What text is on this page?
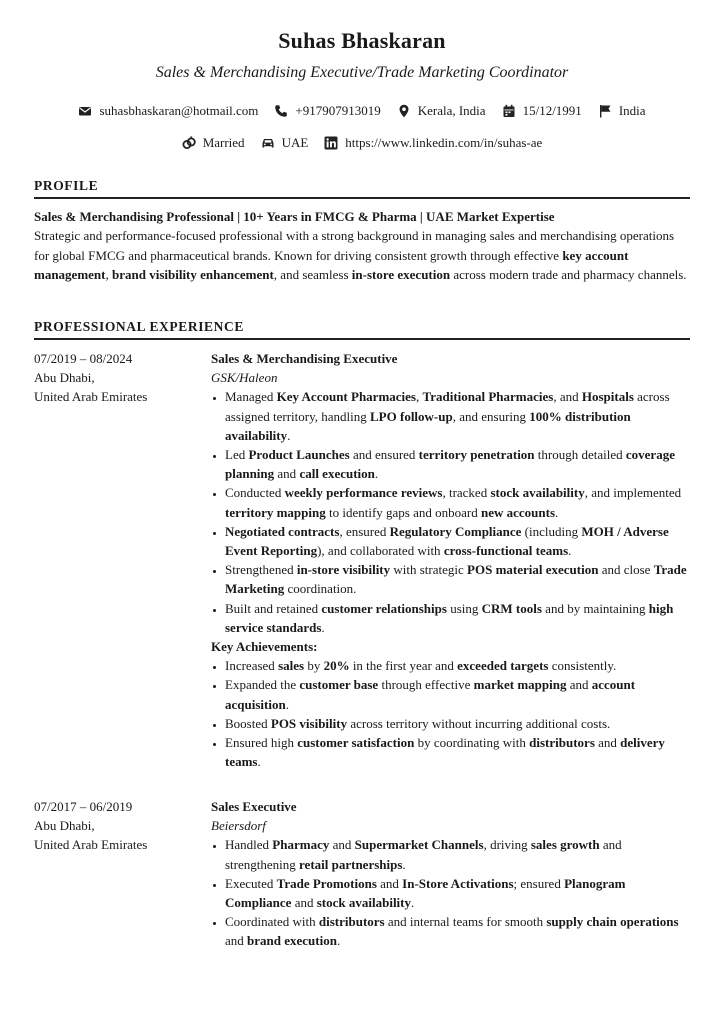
Suhas Bhaskaran
Sales & Merchandising Executive/Trade Marketing Coordinator
suhasbhaskaran@hotmail.com	+917907913019	Kerala, India	15/12/1991	India
Married	UAE	https://www.linkedin.com/in/suhas-ae
PROFILE
Sales & Merchandising Professional | 10+ Years in FMCG & Pharma | UAE Market Expertise
Strategic and performance-focused professional with a strong background in managing sales and merchandising operations for global FMCG and pharmaceutical brands. Known for driving consistent growth through effective key account management, brand visibility enhancement, and seamless in-store execution across modern trade and pharmacy channels.
PROFESSIONAL EXPERIENCE
07/2019 – 08/2024
Abu Dhabi,
United Arab Emirates
Sales & Merchandising Executive
GSK/Haleon
• Managed Key Account Pharmacies, Traditional Pharmacies, and Hospitals across assigned territory, handling LPO follow-up, and ensuring 100% distribution availability.
• Led Product Launches and ensured territory penetration through detailed coverage planning and call execution.
• Conducted weekly performance reviews, tracked stock availability, and implemented territory mapping to identify gaps and onboard new accounts.
• Negotiated contracts, ensured Regulatory Compliance (including MOH / Adverse Event Reporting), and collaborated with cross-functional teams.
• Strengthened in-store visibility with strategic POS material execution and close Trade Marketing coordination.
• Built and retained customer relationships using CRM tools and by maintaining high service standards.
Key Achievements:
• Increased sales by 20% in the first year and exceeded targets consistently.
• Expanded the customer base through effective market mapping and account acquisition.
• Boosted POS visibility across territory without incurring additional costs.
• Ensured high customer satisfaction by coordinating with distributors and delivery teams.
07/2017 – 06/2019
Abu Dhabi,
United Arab Emirates
Sales Executive
Beiersdorf
• Handled Pharmacy and Supermarket Channels, driving sales growth and strengthening retail partnerships.
• Executed Trade Promotions and In-Store Activations; ensured Planogram Compliance and stock availability.
• Coordinated with distributors and internal teams for smooth supply chain operations and brand execution.
